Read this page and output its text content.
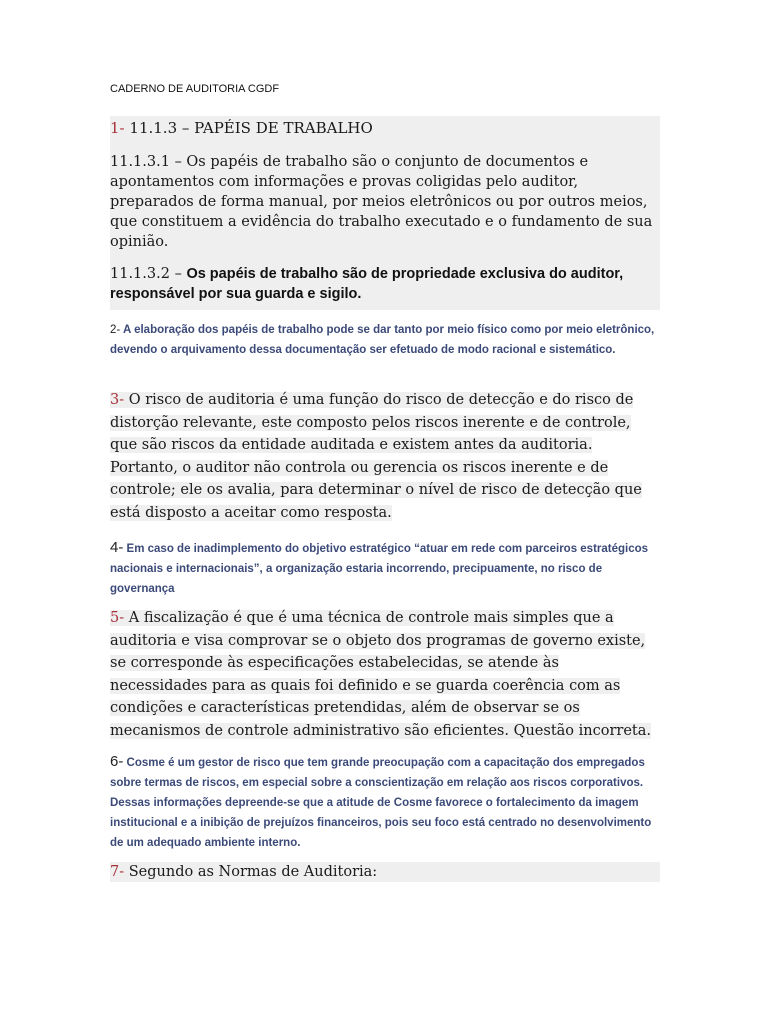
CADERNO DE AUDITORIA CGDF
1- 11.1.3 – PAPÉIS DE TRABALHO
11.1.3.1 – Os papéis de trabalho são o conjunto de documentos e apontamentos com informações e provas coligidas pelo auditor, preparados de forma manual, por meios eletrônicos ou por outros meios, que constituem a evidência do trabalho executado e o fundamento de sua opinião.
11.1.3.2 – Os papéis de trabalho são de propriedade exclusiva do auditor, responsável por sua guarda e sigilo.
2- A elaboração dos papéis de trabalho pode se dar tanto por meio físico como por meio eletrônico, devendo o arquivamento dessa documentação ser efetuado de modo racional e sistemático.
3- O risco de auditoria é uma função do risco de detecção e do risco de distorção relevante, este composto pelos riscos inerente e de controle, que são riscos da entidade auditada e existem antes da auditoria. Portanto, o auditor não controla ou gerencia os riscos inerente e de controle; ele os avalia, para determinar o nível de risco de detecção que está disposto a aceitar como resposta.
4- Em caso de inadimplemento do objetivo estratégico “atuar em rede com parceiros estratégicos nacionais e internacionais”, a organização estaria incorrendo, precipuamente, no risco de governança
5- A fiscalização é que é uma técnica de controle mais simples que a auditoria e visa comprovar se o objeto dos programas de governo existe, se corresponde às especificações estabelecidas, se atende às necessidades para as quais foi definido e se guarda coerência com as condições e características pretendidas, além de observar se os mecanismos de controle administrativo são eficientes. Questão incorreta.
6- Cosme é um gestor de risco que tem grande preocupação com a capacitação dos empregados sobre termas de riscos, em especial sobre a conscientização em relação aos riscos corporativos. Dessas informações depreende-se que a atitude de Cosme favorece o fortalecimento da imagem institucional e a inibição de prejuízos financeiros, pois seu foco está centrado no desenvolvimento de um adequado ambiente interno.
7- Segundo as Normas de Auditoria:
